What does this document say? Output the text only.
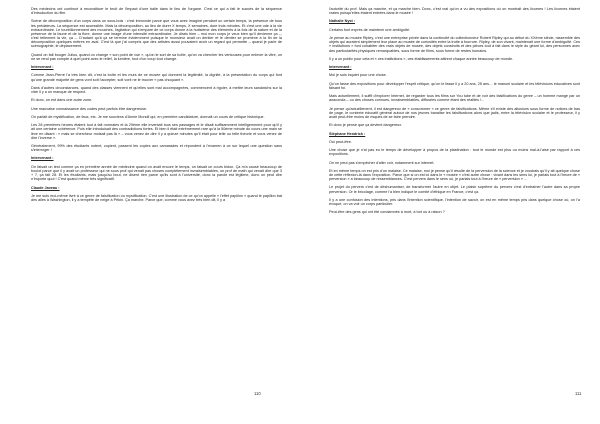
Des médecins ont continué à reconstituer le bruit de l'impact d'une balle dans le lieu de l'organe. C'est ce qui a fait le succès de la séquence d'introduction du film.

Scène de décomposition d'un corps dans un sous-bois : c'est immonde parce que vous avez imaginé pendant un certain temps, la présence de tous les prédateurs. La séquence est accessible. Mais la décomposition, au lieu de durer X temps, X semaines, dure trois minutes. Et c'est une ode à la vie extraordinaire. Le tourbillonnement des mouches, l'agitation qui s'empare de ce corps donne à la hutisième des éléments à la fois de la nature et de la présence de la faune et de la flore, donne une image d'une intensité extraordinaire. Je dirais bien – moi mon corps je veux bien qu'il devienne ça –, c'est tellement la vie, ça –. D'autant qu'à ça se termine évidemment puisque le monsieur avait un dentier et le dentier se promène à la fin de la décomposition quelques mètres en aval. C'est là que j'ai compris que des artistes aussi pouvaient avoir un regard qui permette – quand je parle de scénographie, le déplacement.

Quand on fait bouger Julius, quand on change « son point de vue », qu'on le sort de sa boîte, qu'on va chercher les ventouses pour enlever la vitre, on ne se rend pas compte à quel point avec le relief, la lumière, tout d'un coup tout change.

Intervenant :

Comme Jean-Pierre l'a très bien dit, c'est la boîte et les murs de ce musée qui donnent la légitimité, la dignité, à la présentation du corps qui font qu'une grande majorité de gens vont soit l'accepter, soit vont ne le trouver « pas choquant ».

Dans d'autres circonstances, quand des classes viennent et qu'elles sont mal accompagnées, commencent à rigoler, à mettre leurs sandwichs sur la vitre il y a un manque de respect.

Et donc, on est dans une autre zone.

Une mauvaise connaissance des codes peut parfois être dangereuse.

On parlait de mystification, de faux, etc. Je me souviens d'Annie Mondil qui, en première candidature, donnait un cours de critique historique.

Les 28 premières heures étaient tout à fait normales et la 29ème elle inventait tous ses passages et le disait suffisamment intelligemment pour qu'il y ait une certaine cohérence. Puis elle introduisait des contradictions fortes. Et bien il était extrêmement rare qu'à la 50ème minute du cours une main se lève en disant : « mais se chercheur moisait pas là » – vous venez de dire il y a quinze minutes qu'il était pour telle ou telle théorie et vous venez de dire l'inverse ».

Généralement, 99% des étudiants notent, copient, passent les copies aux camarades et répondent à l'examen à ce sur lequel une question sans s'interroger !

Intervenant :

On faisait un test comme ça en première année de médecine quand on avait encore le temps, on faisait un cours bidon. Ça m'a causé beaucoup de boulot parce que il y avait un professeur qui ne sous prof qui venait pas choses complètement invraisemblables, un prof de math qui venait dire que 3 + 7, ça fait 28. Et les étudiants, mais jusqu'au bout, ne disent rien parce qu'ils sont à l'université, donc la parole est légitime, donc on peut dire n'importe quoi ! C'est quand même très significatif.

Claude Javeau :

Je me suis moi-même livré à ce genre de falsification ou mystification. C'est une illustration de ce qu'on appelle « l'effet papillon » quand le papillon bat des ailes à Washington, il y a tempête de neige à Pékin. Ça marche. Parce que, comme vous avez très bien dit, il y a

110

l'autorité du prof. Mais ça marche, et ça marche bien. Donc, c'est vrai qu'on a vu des expositions où on montrait des licornes ! Les licornes étaient vraies puisqu'elles étaient entrées dans le musée !

Nathalie Nyst :

Certains font exprès de maintenir une ambiguïté.

Je pense au musée Ripley, c'est une entreprise privée dans la continuité du collectionneur Robert Ripley qui au début du XXème siècle, rassemble des objets qui auraient simplement leur place au musée de curiosités entre la truite à fourrure. Ripley, de son vivant, maintenait une forme d'ambiguïté. Ces « institutions » font cohabiter des vrais objets de musée, des objets construits et des pièces tout à fait dans le style du géant loi, des personnes avec des particularités physiques remarquables, sous forme de films, sous forme de restes humains.

Il y a un public pour cela et « ces institutions », ces établissements attirent chaque année beaucoup de monde.

Intervenant :

Moi je suis inquiet pour une chose.

Qu'on fasse des expositions pour développer l'esprit critique, qu'on le fasse il y a 20 ans, 25 ans… le manuel scolaire et les télévisions éducatives sont faisant foi.

Mais actuellement, il suffit d'explorer Internet, de regarder tous les films sur You tube et de voir des falsifications du genre – un homme mange par un anaconda – ou des choses connues, invraisemblables, diffusées comme étant des réalités !...

Je pense qu'actuellement, il est dangereux de « consommer » ce genre de falsifications. Même s'il existe des allusions sous forme de notices de bas de page, le contexte éducatif général autour de nos jeunes banalise les falsifications alors que jadis, entre la télévision scolaire et le professeur, il y avait peut-être moins de risques de se faire prendre.

Et donc je pense que ça devient dangereux.

Stéphane Hendrick :

Oui peut-être.

Une chose que je n'ai pas eu le temps de développer à propos de la plastination : tout le monde est plus ou moins mal-à-l'aise par rapport à ces expositions.

On ne peut pas s'empêcher d'aller voir, notamment sur internet.

Et en même temps on est pris d'un malaise. Ce malaise, moi je pense qu'il résulte de la perversion de la science et je voudrais qu'il y ait quelque chose de cette réflexion-là dans l'exposition. Parce que si on est ici dans le « musée » c'est autre chose : vivant dans les sens lui, je parlais tout à l'heure de « perversion » a beaucoup de ressemblances. C'est pervers dans le sens où, je parlais tout à l'heure de « perversion » …

Le projet du pervers c'est de déshumaniser, de transformer l'autre en objet. Le plaisir suprême du pervers c'est d'entraîner l'autre dans sa propre perversion. Or le bricolage, comme l'a bien indiqué le comité d'éthique en France, c'est ça.

Il y a une confusion des intentions, pris dans l'intention scientifique, l'intention de savoir, on est en même temps pris dans quelque chose où, on l'a évoqué, on va voir un corps particulier.

Peut-être des gens qui ont été condamnés à mort, à tort ou à raison ?

111
